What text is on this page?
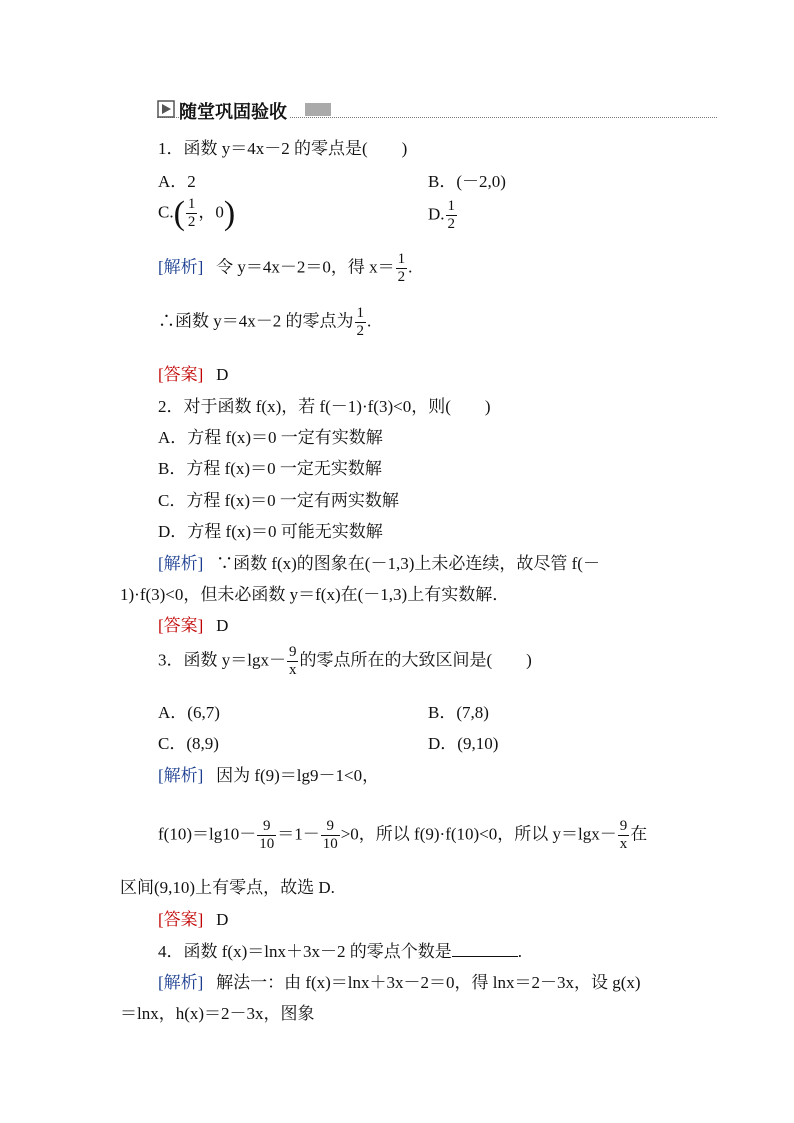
随堂巩固验收
1．函数 y＝4x－2 的零点是(　　)
A．2	B．(－2,0)
$C.( \frac{1}{2}$ ，0)	D. $\frac{1}{2}$
[解析] 令 y＝4x－2＝0，得 $x= \frac{1}{2}$ .
∴函数 y＝4x－2 的零点为 $\frac{1}{2}$ .
[答案] D
2．对于函数 f(x)，若 f(－1)·f(3)<0，则(　　)
A．方程 f(x)＝0 一定有实数解
B．方程 f(x)＝0 一定无实数解
C．方程 f(x)＝0 一定有两实数解
D．方程 f(x)＝0 可能无实数解
[解析] ∵函数 f(x)的图象在(－1,3)上未必连续，故尽管 f(－
1)·f(3)<0，但未必函数 y＝f(x)在(－1,3)上有实数解．
[答案] D
3．函数 $y=\lg x- \frac{9}{x}$ 的零点所在的大致区间是(　　)
A．(6,7)	B．(7,8)
C．(8,9)	D．(9,10)
[解析] 因为 f(9)＝lg9－1<0，
$f(10)=\lg 10- \frac{9}{10} =1- \frac{9}{10} >0$，所以 f(9)·f(10)<0，所以 $y=\lg x- \frac{9}{x}$ 在
区间(9,10)上有零点，故选 D.
[答案] D
4．函数 f(x)＝lnx＋3x－2 的零点个数是	.
[解析] 解法一：由 f(x)＝lnx＋3x－2＝0，得 lnx＝2－3x，设 g(x)
＝lnx，h(x)＝2－3x，图象
